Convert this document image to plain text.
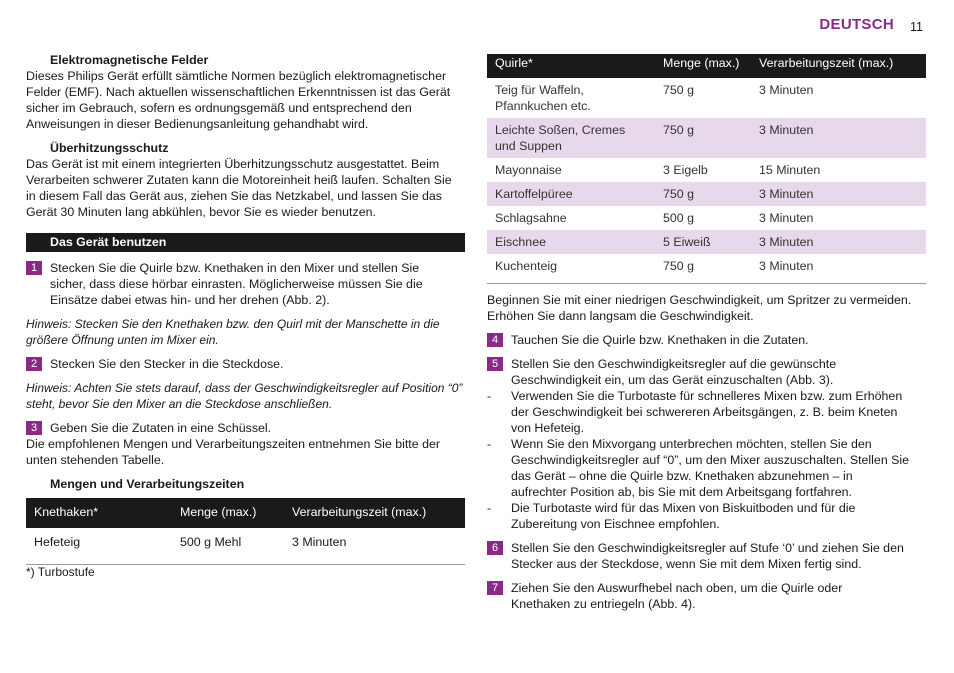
DEUTSCH 11
Elektromagnetische Felder
Dieses Philips Gerät erfüllt sämtliche Normen bezüglich elektromagnetischer
Felder (EMF). Nach aktuellen wissenschaftlichen Erkenntnissen ist das Gerät
sicher im Gebrauch, sofern es ordnungsgemäß und entsprechend den
Anweisungen in dieser Bedienungsanleitung gehandhabt wird.
Überhitzungsschutz
Das Gerät ist mit einem integrierten Überhitzungsschutz ausgestattet. Beim
Verarbeiten schwerer Zutaten kann die Motoreinheit heiß laufen. Schalten Sie
in diesem Fall das Gerät aus, ziehen Sie das Netzkabel, und lassen Sie das
Gerät 30 Minuten lang abkühlen, bevor Sie es wieder benutzen.
Das Gerät benutzen
1	Stecken Sie die Quirle bzw. Knethaken in den Mixer und stellen Sie
sicher, dass diese hörbar einrasten. Möglicherweise müssen Sie die
Einsätze dabei etwas hin- und her drehen (Abb. 2).
Hinweis: Stecken Sie den Knethaken bzw. den Quirl mit der Manschette in die
größere Öffnung unten im Mixer ein.
2	Stecken Sie den Stecker in die Steckdose.
Hinweis: Achten Sie stets darauf, dass der Geschwindigkeitsregler auf Position “0”
steht, bevor Sie den Mixer an die Steckdose anschließen.
3	Geben Sie die Zutaten in eine Schüssel.
Die empfohlenen Mengen und Verarbeitungszeiten entnehmen Sie bitte der
unten stehenden Tabelle.
Mengen und Verarbeitungszeiten
Knethaken*	Menge (max.)	Verarbeitungszeit (max.)
Hefeteig	500 g Mehl	3 Minuten
*) Turbostufe
Quirle*	Menge (max.)	Verarbeitungszeit (max.)
Teig für Waffeln,
Pfannkuchen etc.	750 g	3 Minuten
Leichte Soßen, Cremes
und Suppen	750 g	3 Minuten
Mayonnaise	3 Eigelb	15 Minuten
Kartoffelpüree	750 g	3 Minuten
Schlagsahne	500 g	3 Minuten
Eischnee	5 Eiweiß	3 Minuten
Kuchenteig	750 g	3 Minuten
Beginnen Sie mit einer niedrigen Geschwindigkeit, um Spritzer zu vermeiden.
Erhöhen Sie dann langsam die Geschwindigkeit.
4	Tauchen Sie die Quirle bzw. Knethaken in die Zutaten.
5	Stellen Sie den Geschwindigkeitsregler auf die gewünschte
Geschwindigkeit ein, um das Gerät einzuschalten (Abb. 3).
- Verwenden Sie die Turbotaste für schnelleres Mixen bzw. zum Erhöhen
der Geschwindigkeit bei schwereren Arbeitsgängen, z. B. beim Kneten
von Hefeteig.
- Wenn Sie den Mixvorgang unterbrechen möchten, stellen Sie den
Geschwindigkeitsregler auf “0”, um den Mixer auszuschalten. Stellen Sie
das Gerät – ohne die Quirle bzw. Knethaken abzunehmen – in
aufrechter Position ab, bis Sie mit dem Arbeitsgang fortfahren.
- Die Turbotaste wird für das Mixen von Biskuitboden und für die
Zubereitung von Eischnee empfohlen.
6	Stellen Sie den Geschwindigkeitsregler auf Stufe ‘0’ und ziehen Sie den
Stecker aus der Steckdose, wenn Sie mit dem Mixen fertig sind.
7	Ziehen Sie den Auswurfhebel nach oben, um die Quirle oder
Knethaken zu entriegeln (Abb. 4).
